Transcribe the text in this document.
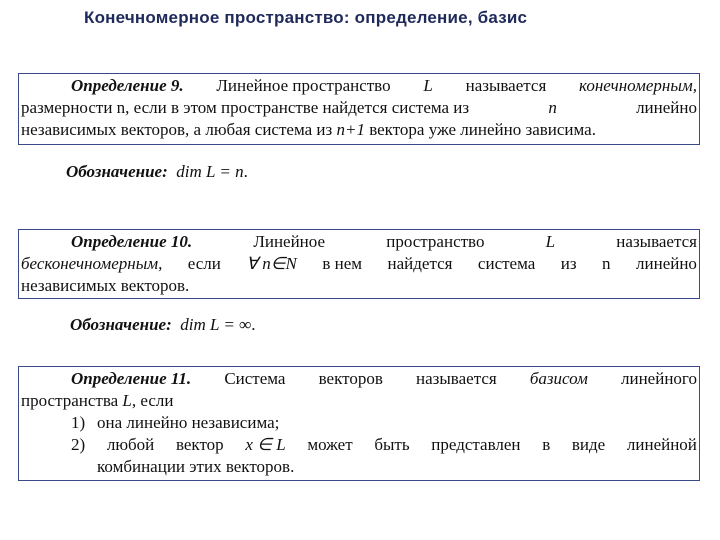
Конечномерное пространство: определение, базис
Определение 9. Линейное пространство L называется конечномерным,
размерности n, если в этом пространстве найдется система из	n	линейно
независимых векторов, а любая система из n+1 вектора уже линейно зависима.
Обозначение: dim L = n.
Определение 10.	Линейное	пространство	L	называется
бесконечномерным, если ∀ n∈N в нем найдется система из n линейно
независимых векторов.
Обозначение: dim L = ∞.
Определение 11. Система векторов называется базисом линейного
пространства L, если
1) она линейно независима;
2) любой вектор x ∈ L может быть представлен в виде линейной
комбинации этих векторов.
